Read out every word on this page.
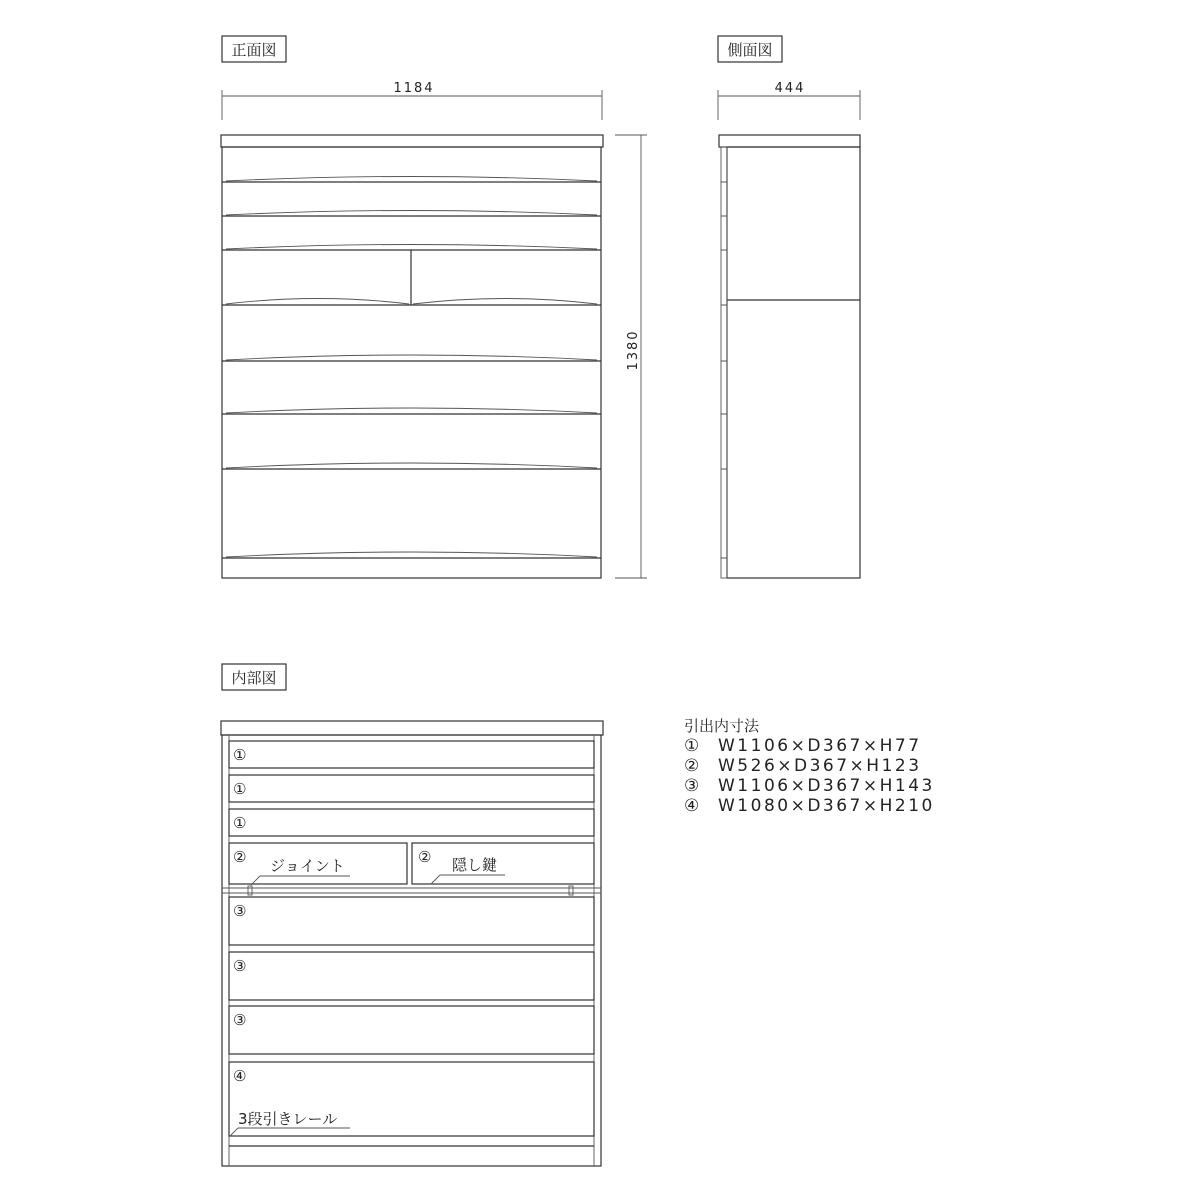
正面図
1184
1380
側面図
444
内部図
①
①
①
②	②
③
③
③
④
ジョイント	隠し鍵
3段引きレール
引出内寸法
① W1106×D367×H77
② W526×D367×H123
③ W1106×D367×H143
④ W1080×D367×H210
